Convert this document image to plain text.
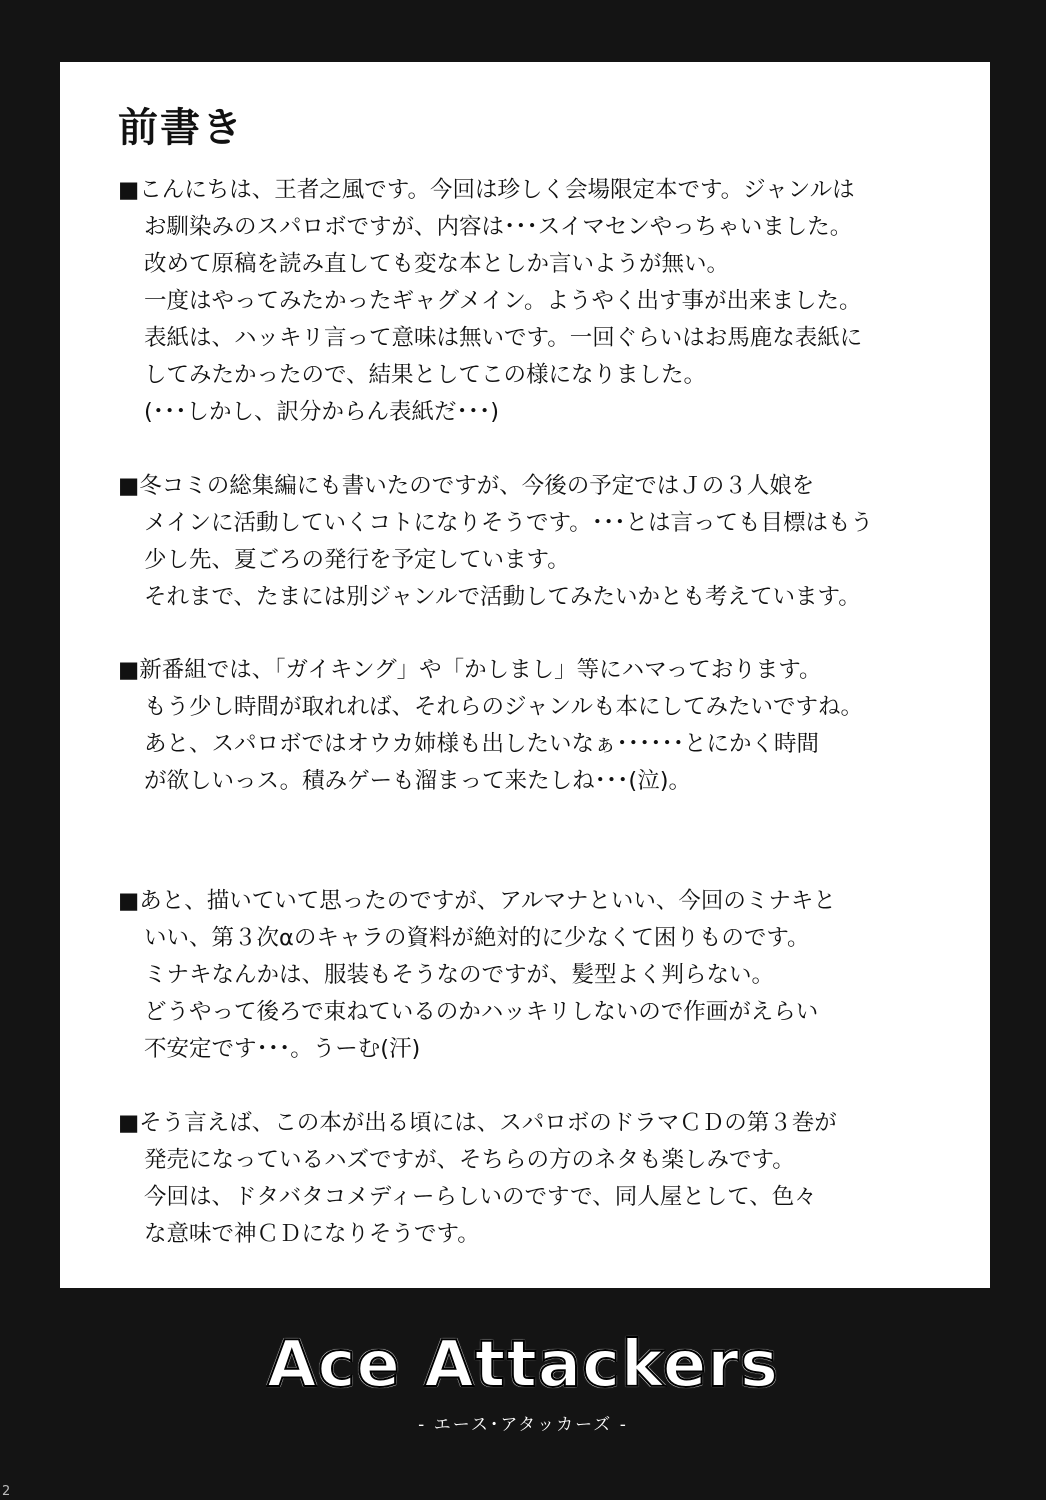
前書き
■こんにちは、王者之風です。今回は珍しく会場限定本です。ジャンルは
お馴染みのスパロボですが、内容は･･･スイマセンやっちゃいました。
改めて原稿を読み直しても変な本としか言いようが無い。
一度はやってみたかったギャグメイン。ようやく出す事が出来ました。
表紙は、ハッキリ言って意味は無いです。一回ぐらいはお馬鹿な表紙に
してみたかったので、結果としてこの様になりました。
(･･･しかし、訳分からん表紙だ･･･)
■冬コミの総集編にも書いたのですが、今後の予定ではＪの３人娘を
メインに活動していくコトになりそうです。･･･とは言っても目標はもう
少し先、夏ごろの発行を予定しています。
それまで、たまには別ジャンルで活動してみたいかとも考えています。
■新番組では、「ガイキング」や「かしまし」等にハマっております。
もう少し時間が取れれば、それらのジャンルも本にしてみたいですね。
あと、スパロボではオウカ姉様も出したいなぁ･･････とにかく時間
が欲しいっス。積みゲーも溜まって来たしね･･･(泣)。
■あと、描いていて思ったのですが、アルマナといい、今回のミナキと
いい、第３次αのキャラの資料が絶対的に少なくて困りものです。
ミナキなんかは、服装もそうなのですが、髪型よく判らない。
どうやって後ろで束ねているのかハッキリしないので作画がえらい
不安定です･･･。うーむ(汗)
■そう言えば、この本が出る頃には、スパロボのドラマＣＤの第３巻が
発売になっているハズですが、そちらの方のネタも楽しみです。
今回は、ドタバタコメディーらしいのですで、同人屋として、色々
な意味で神ＣＤになりそうです。
Ace Attackers
- エース･アタッカーズ -
2
